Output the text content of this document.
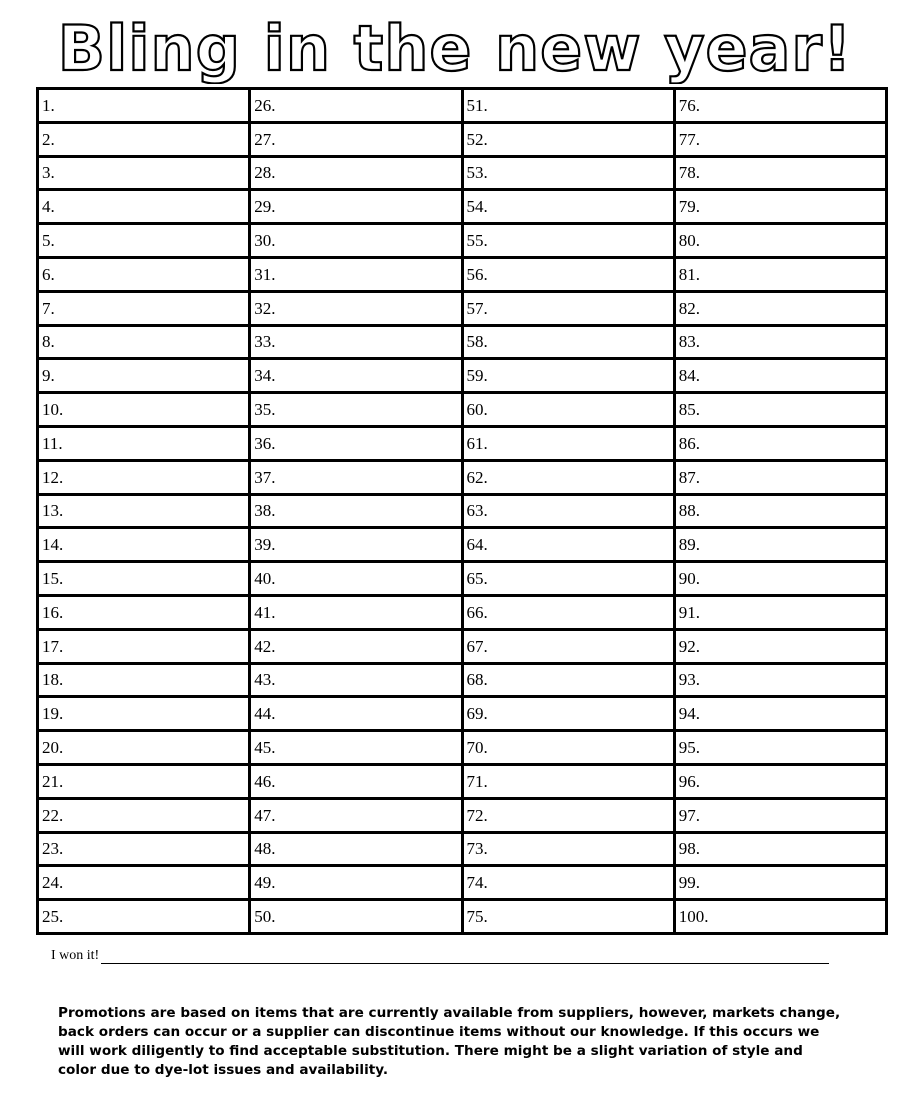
Bling in the new year!
1.	26.	51.	76.
2.	27.	52.	77.
3.	28.	53.	78.
4.	29.	54.	79.
5.	30.	55.	80.
6.	31.	56.	81.
7.	32.	57.	82.
8.	33.	58.	83.
9.	34.	59.	84.
10.	35.	60.	85.
11.	36.	61.	86.
12.	37.	62.	87.
13.	38.	63.	88.
14.	39.	64.	89.
15.	40.	65.	90.
16.	41.	66.	91.
17.	42.	67.	92.
18.	43.	68.	93.
19.	44.	69.	94.
20.	45.	70.	95.
21.	46.	71.	96.
22.	47.	72.	97.
23.	48.	73.	98.
24.	49.	74.	99.
25.	50.	75.	100.
I won it!
Promotions are based on items that are currently available from suppliers, however, markets change,
back orders can occur or a supplier can discontinue items without our knowledge. If this occurs we
will work diligently to find acceptable substitution. There might be a slight variation of style and
color due to dye-lot issues and availability.
